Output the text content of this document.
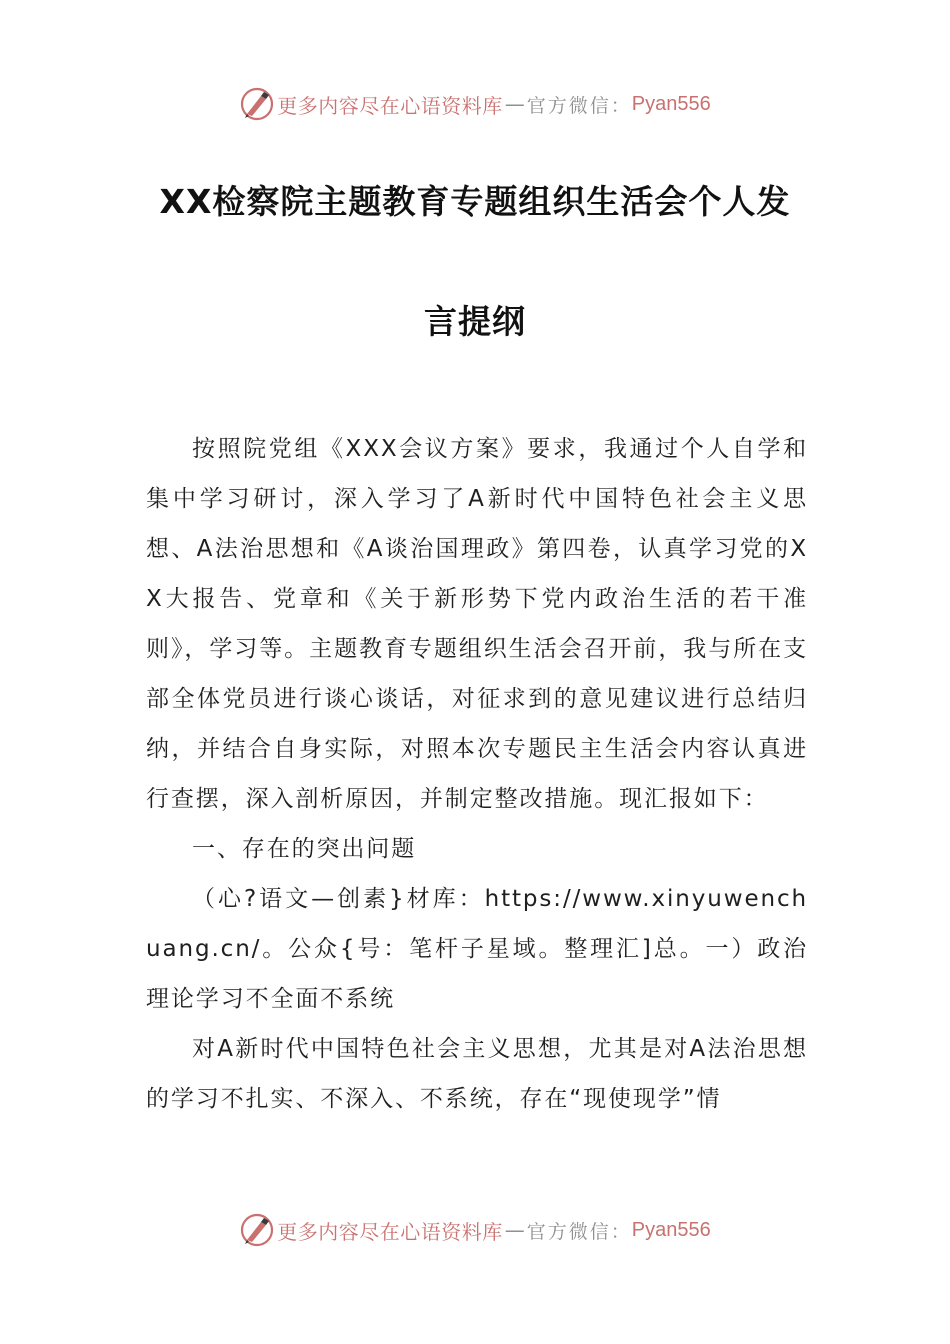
更多内容尽在心语资料库 — 官方微信： Pyan556
XX检察院主题教育专题组织生活会个人发
言提纲

按照院党组《XXX会议方案》要求，我通过个人自学和集中学习研讨，深入学习了A新时代中国特色社会主义思想、A法治思想和《A谈治国理政》第四卷，认真学习党的XX大报告、党章和《关于新形势下党内政治生活的若干准则》，学习等。主题教育专题组织生活会召开前，我与所在支部全体党员进行谈心谈话，对征求到的意见建议进行总结归纳，并结合自身实际，对照本次专题民主生活会内容认真进行查摆，深入剖析原因，并制定整改措施。现汇报如下：

一、存在的突出问题

（心?语文—创素}材库：https://www.xinyuwenchuang.cn/。公众{号：笔杆子星域。整理汇]总。一）政治理论学习不全面不系统

对A新时代中国特色社会主义思想，尤其是对A法治思想的学习不扎实、不深入、不系统，存在“现使现学”情

更多内容尽在心语资料库 — 官方微信： Pyan556
